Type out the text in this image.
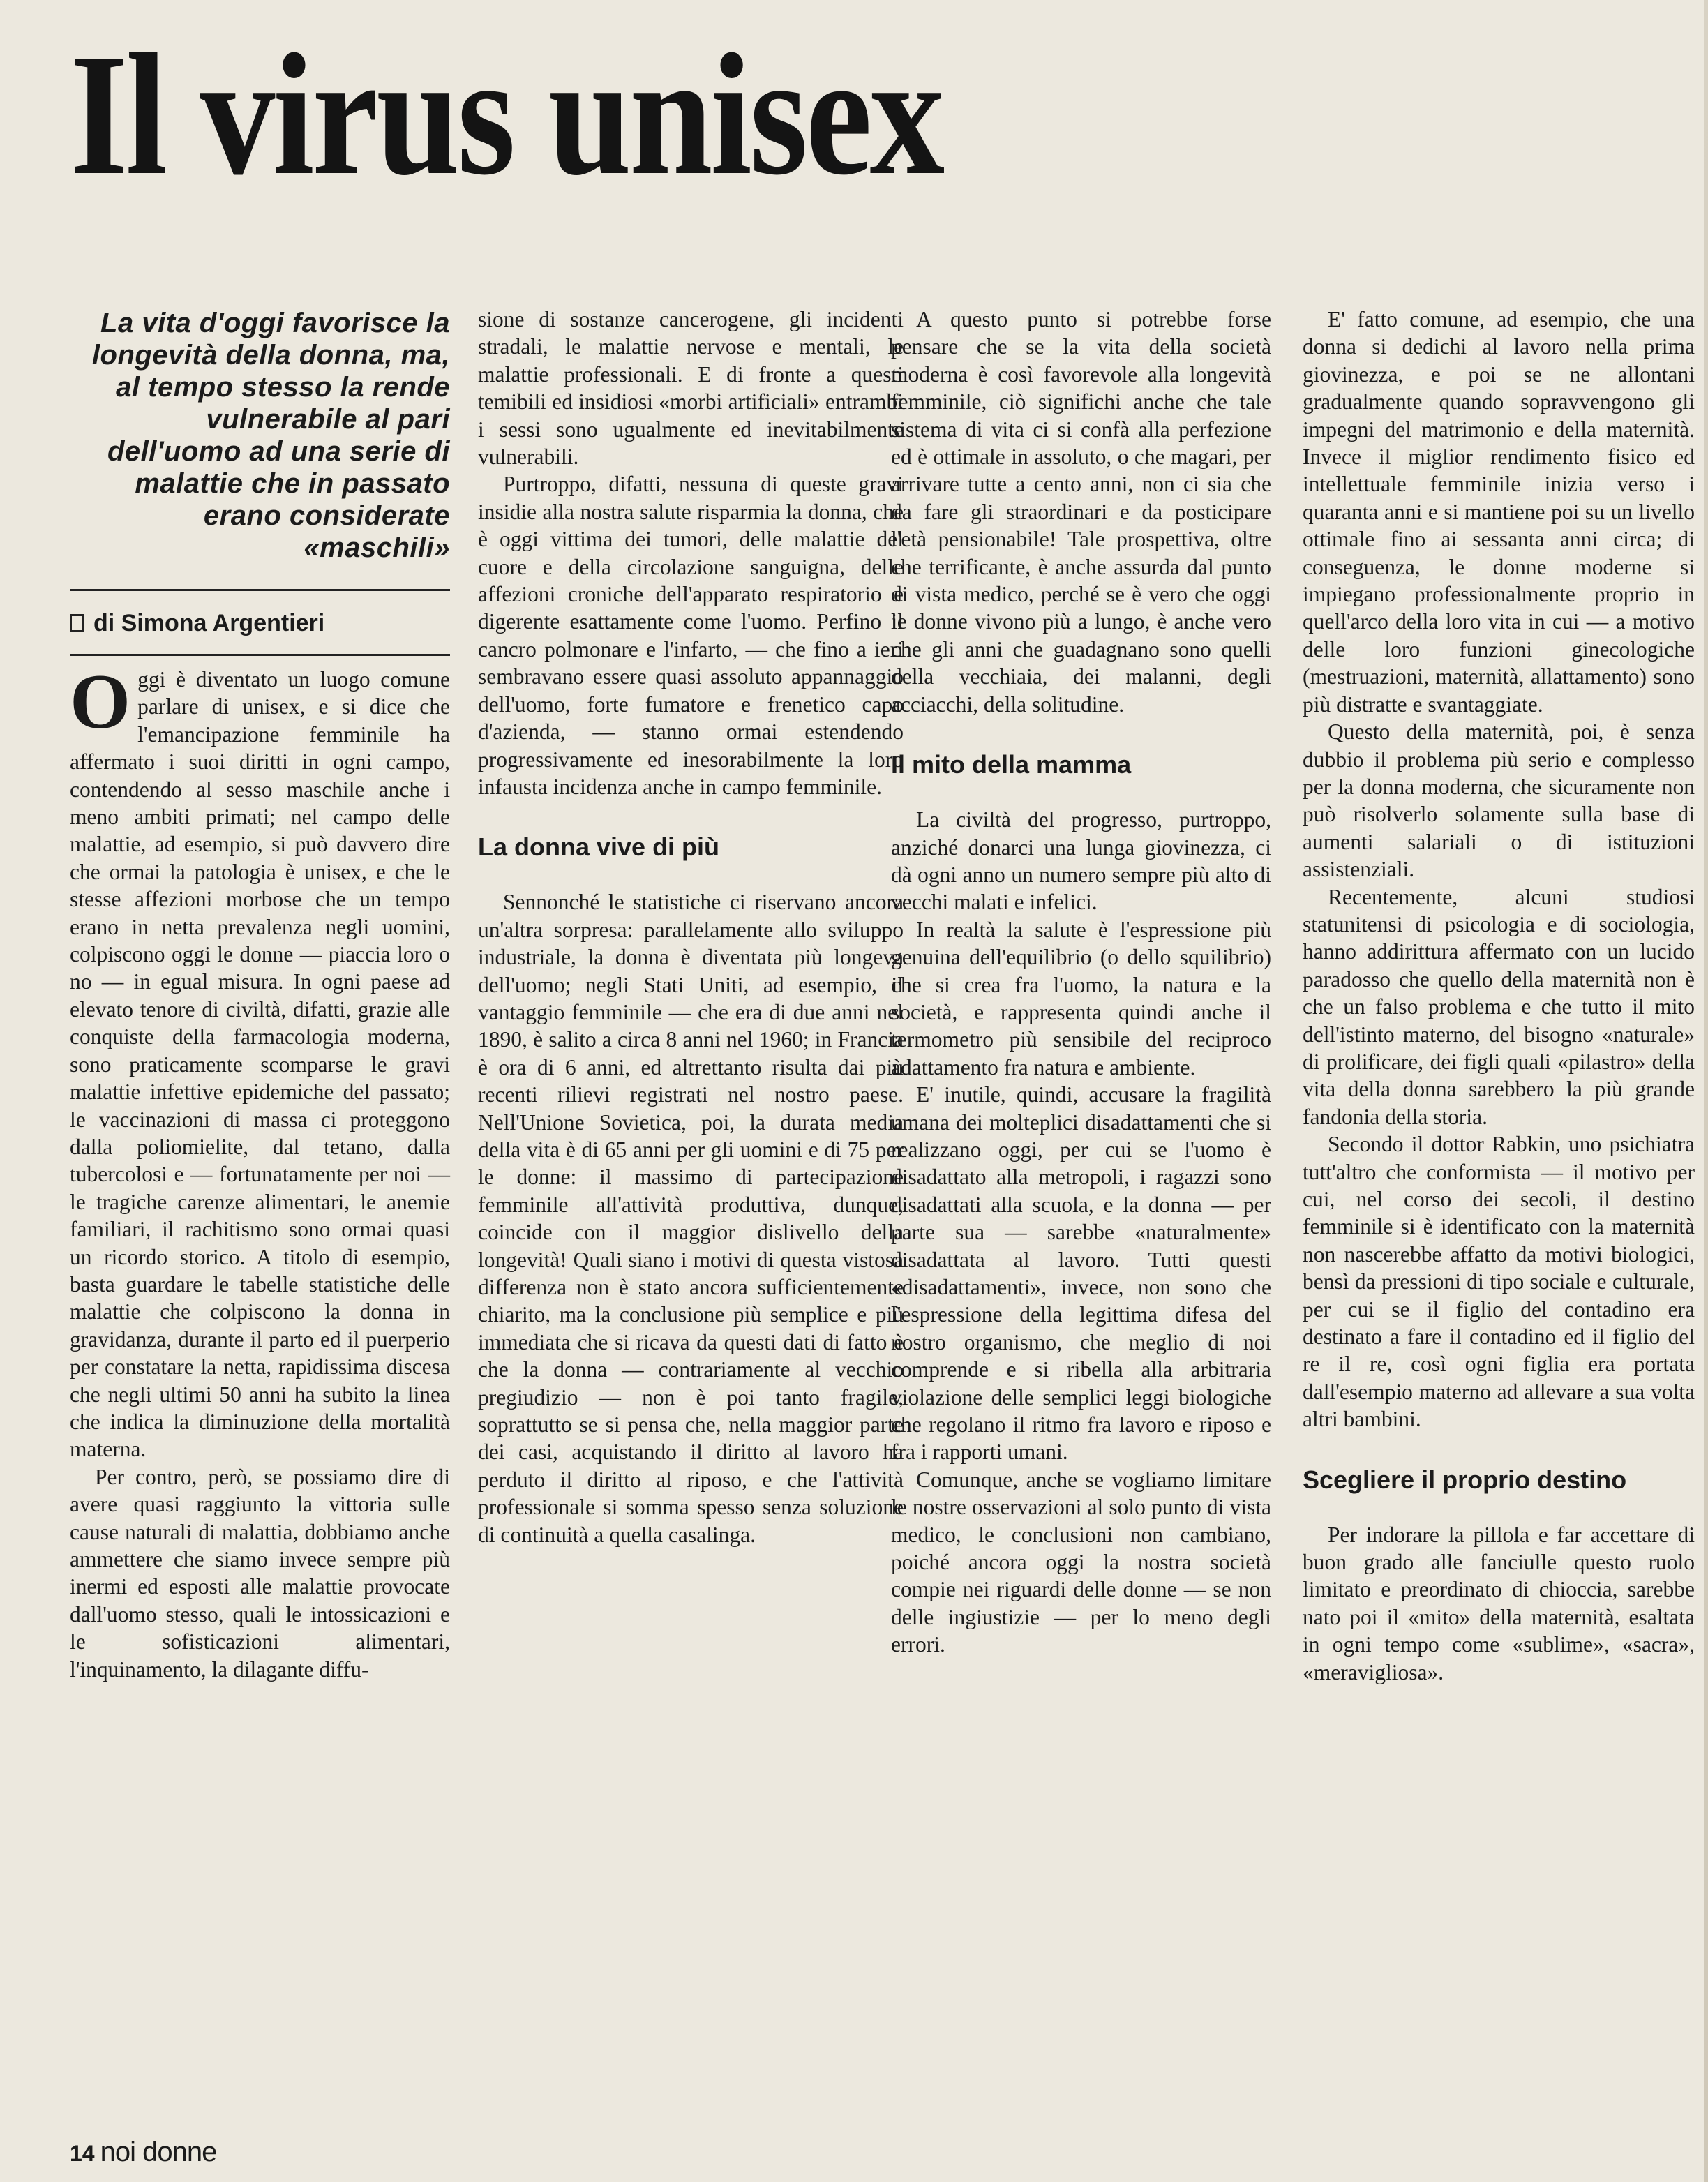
Il virus unisex
La vita d'oggi favorisce la longevità della donna, ma, al tempo stesso la rende vulnerabile al pari dell'uomo ad una serie di malattie che in passato erano considerate «maschili»
di Simona Argentieri

Oggi è diventato un luogo comune parlare di unisex, e si dice che l'emancipazione femminile ha affermato i suoi diritti in ogni campo, contendendo al sesso maschile anche i meno ambiti primati; nel campo delle malattie, ad esempio, si può davvero dire che ormai la patologia è unisex, e che le stesse affezioni morbose che un tempo erano in netta prevalenza negli uomini, colpiscono oggi le donne — piaccia loro o no — in egual misura. In ogni paese ad elevato tenore di civiltà, difatti, grazie alle conquiste della farmacologia moderna, sono praticamente scomparse le gravi malattie infettive epidemiche del passato; le vaccinazioni di massa ci proteggono dalla poliomielite, dal tetano, dalla tubercolosi e — fortunatamente per noi — le tragiche carenze alimentari, le anemie familiari, il rachitismo sono ormai quasi un ricordo storico. A titolo di esempio, basta guardare le tabelle statistiche delle malattie che colpiscono la donna in gravidanza, durante il parto ed il puerperio per constatare la netta, rapidissima discesa che negli ultimi 50 anni ha subito la linea che indica la diminuzione della mortalità materna.

Per contro, però, se possiamo dire di avere quasi raggiunto la vittoria sulle cause naturali di malattia, dobbiamo anche ammettere che siamo invece sempre più inermi ed esposti alle malattie provocate dall'uomo stesso, quali le intossicazioni e le sofisticazioni alimentari, l'inquinamento, la dilagante diffu-

sione di sostanze cancerogene, gli incidenti stradali, le malattie nervose e mentali, le malattie professionali. E di fronte a questi temibili ed insidiosi «morbi artificiali» entrambi i sessi sono ugualmente ed inevitabilmente vulnerabili.

Purtroppo, difatti, nessuna di queste gravi insidie alla nostra salute risparmia la donna, che è oggi vittima dei tumori, delle malattie del cuore e della circolazione sanguigna, delle affezioni croniche dell'apparato respiratorio e digerente esattamente come l'uomo. Perfino il cancro polmonare e l'infarto, — che fino a ieri sembravano essere quasi assoluto appannaggio dell'uomo, forte fumatore e frenetico capo d'azienda, — stanno ormai estendendo progressivamente ed inesorabilmente la loro infausta incidenza anche in campo femminile.

La donna vive di più

Sennonché le statistiche ci riservano ancora un'altra sorpresa: parallelamente allo sviluppo industriale, la donna è diventata più longeva dell'uomo; negli Stati Uniti, ad esempio, il vantaggio femminile — che era di due anni nel 1890, è salito a circa 8 anni nel 1960; in Francia è ora di 6 anni, ed altrettanto risulta dai più recenti rilievi registrati nel nostro paese. Nell'Unione Sovietica, poi, la durata media della vita è di 65 anni per gli uomini e di 75 per le donne: il massimo di partecipazione femminile all'attività produttiva, dunque, coincide con il maggior dislivello della longevità! Quali siano i motivi di questa vistosa differenza non è stato ancora sufficientemente chiarito, ma la conclusione più semplice e più immediata che si ricava da questi dati di fatto è che la donna — contrariamente al vecchio pregiudizio — non è poi tanto fragile, soprattutto se si pensa che, nella maggior parte dei casi, acquistando il diritto al lavoro ha perduto il diritto al riposo, e che l'attività professionale si somma spesso senza soluzione di continuità a quella casalinga.

A questo punto si potrebbe forse pensare che se la vita della società moderna è così favorevole alla longevità femminile, ciò significhi anche che tale sistema di vita ci si confà alla perfezione ed è ottimale in assoluto, o che magari, per arrivare tutte a cento anni, non ci sia che da fare gli straordinari e da posticipare l'età pensionabile! Tale prospettiva, oltre che terrificante, è anche assurda dal punto di vista medico, perché se è vero che oggi le donne vivono più a lungo, è anche vero che gli anni che guadagnano sono quelli della vecchiaia, dei malanni, degli acciacchi, della solitudine.

Il mito della mamma

La civiltà del progresso, purtroppo, anziché donarci una lunga giovinezza, ci dà ogni anno un numero sempre più alto di vecchi malati e infelici.

In realtà la salute è l'espressione più genuina dell'equilibrio (o dello squilibrio) che si crea fra l'uomo, la natura e la società, e rappresenta quindi anche il termometro più sensibile del reciproco adattamento fra natura e ambiente.

E' inutile, quindi, accusare la fragilità umana dei molteplici disadattamenti che si realizzano oggi, per cui se l'uomo è disadattato alla metropoli, i ragazzi sono disadattati alla scuola, e la donna — per parte sua — sarebbe «naturalmente» disadattata al lavoro. Tutti questi «disadattamenti», invece, non sono che l'espressione della legittima difesa del nostro organismo, che meglio di noi comprende e si ribella alla arbitraria violazione delle semplici leggi biologiche che regolano il ritmo fra lavoro e riposo e fra i rapporti umani.

Comunque, anche se vogliamo limitare le nostre osservazioni al solo punto di vista medico, le conclusioni non cambiano, poiché ancora oggi la nostra società compie nei riguardi delle donne — se non delle ingiustizie — per lo meno degli errori.

E' fatto comune, ad esempio, che una donna si dedichi al lavoro nella prima giovinezza, e poi se ne allontani gradualmente quando sopravvengono gli impegni del matrimonio e della maternità. Invece il miglior rendimento fisico ed intellettuale femminile inizia verso i quaranta anni e si mantiene poi su un livello ottimale fino ai sessanta anni circa; di conseguenza, le donne moderne si impiegano professionalmente proprio in quell'arco della loro vita in cui — a motivo delle loro funzioni ginecologiche (mestruazioni, maternità, allattamento) sono più distratte e svantaggiate.

Questo della maternità, poi, è senza dubbio il problema più serio e complesso per la donna moderna, che sicuramente non può risolverlo solamente sulla base di aumenti salariali o di istituzioni assistenziali.

Recentemente, alcuni studiosi statunitensi di psicologia e di sociologia, hanno addirittura affermato con un lucido paradosso che quello della maternità non è che un falso problema e che tutto il mito dell'istinto materno, del bisogno «naturale» di prolificare, dei figli quali «pilastro» della vita della donna sarebbero la più grande fandonia della storia.

Secondo il dottor Rabkin, uno psichiatra tutt'altro che conformista — il motivo per cui, nel corso dei secoli, il destino femminile si è identificato con la maternità non nascerebbe affatto da motivi biologici, bensì da pressioni di tipo sociale e culturale, per cui se il figlio del contadino era destinato a fare il contadino ed il figlio del re il re, così ogni figlia era portata dall'esempio materno ad allevare a sua volta altri bambini.

Scegliere il proprio destino

Per indorare la pillola e far accettare di buon grado alle fanciulle questo ruolo limitato e preordinato di chioccia, sarebbe nato poi il «mito» della maternità, esaltata in ogni tempo come «sublime», «sacra», «meravigliosa».

14 noi donne
